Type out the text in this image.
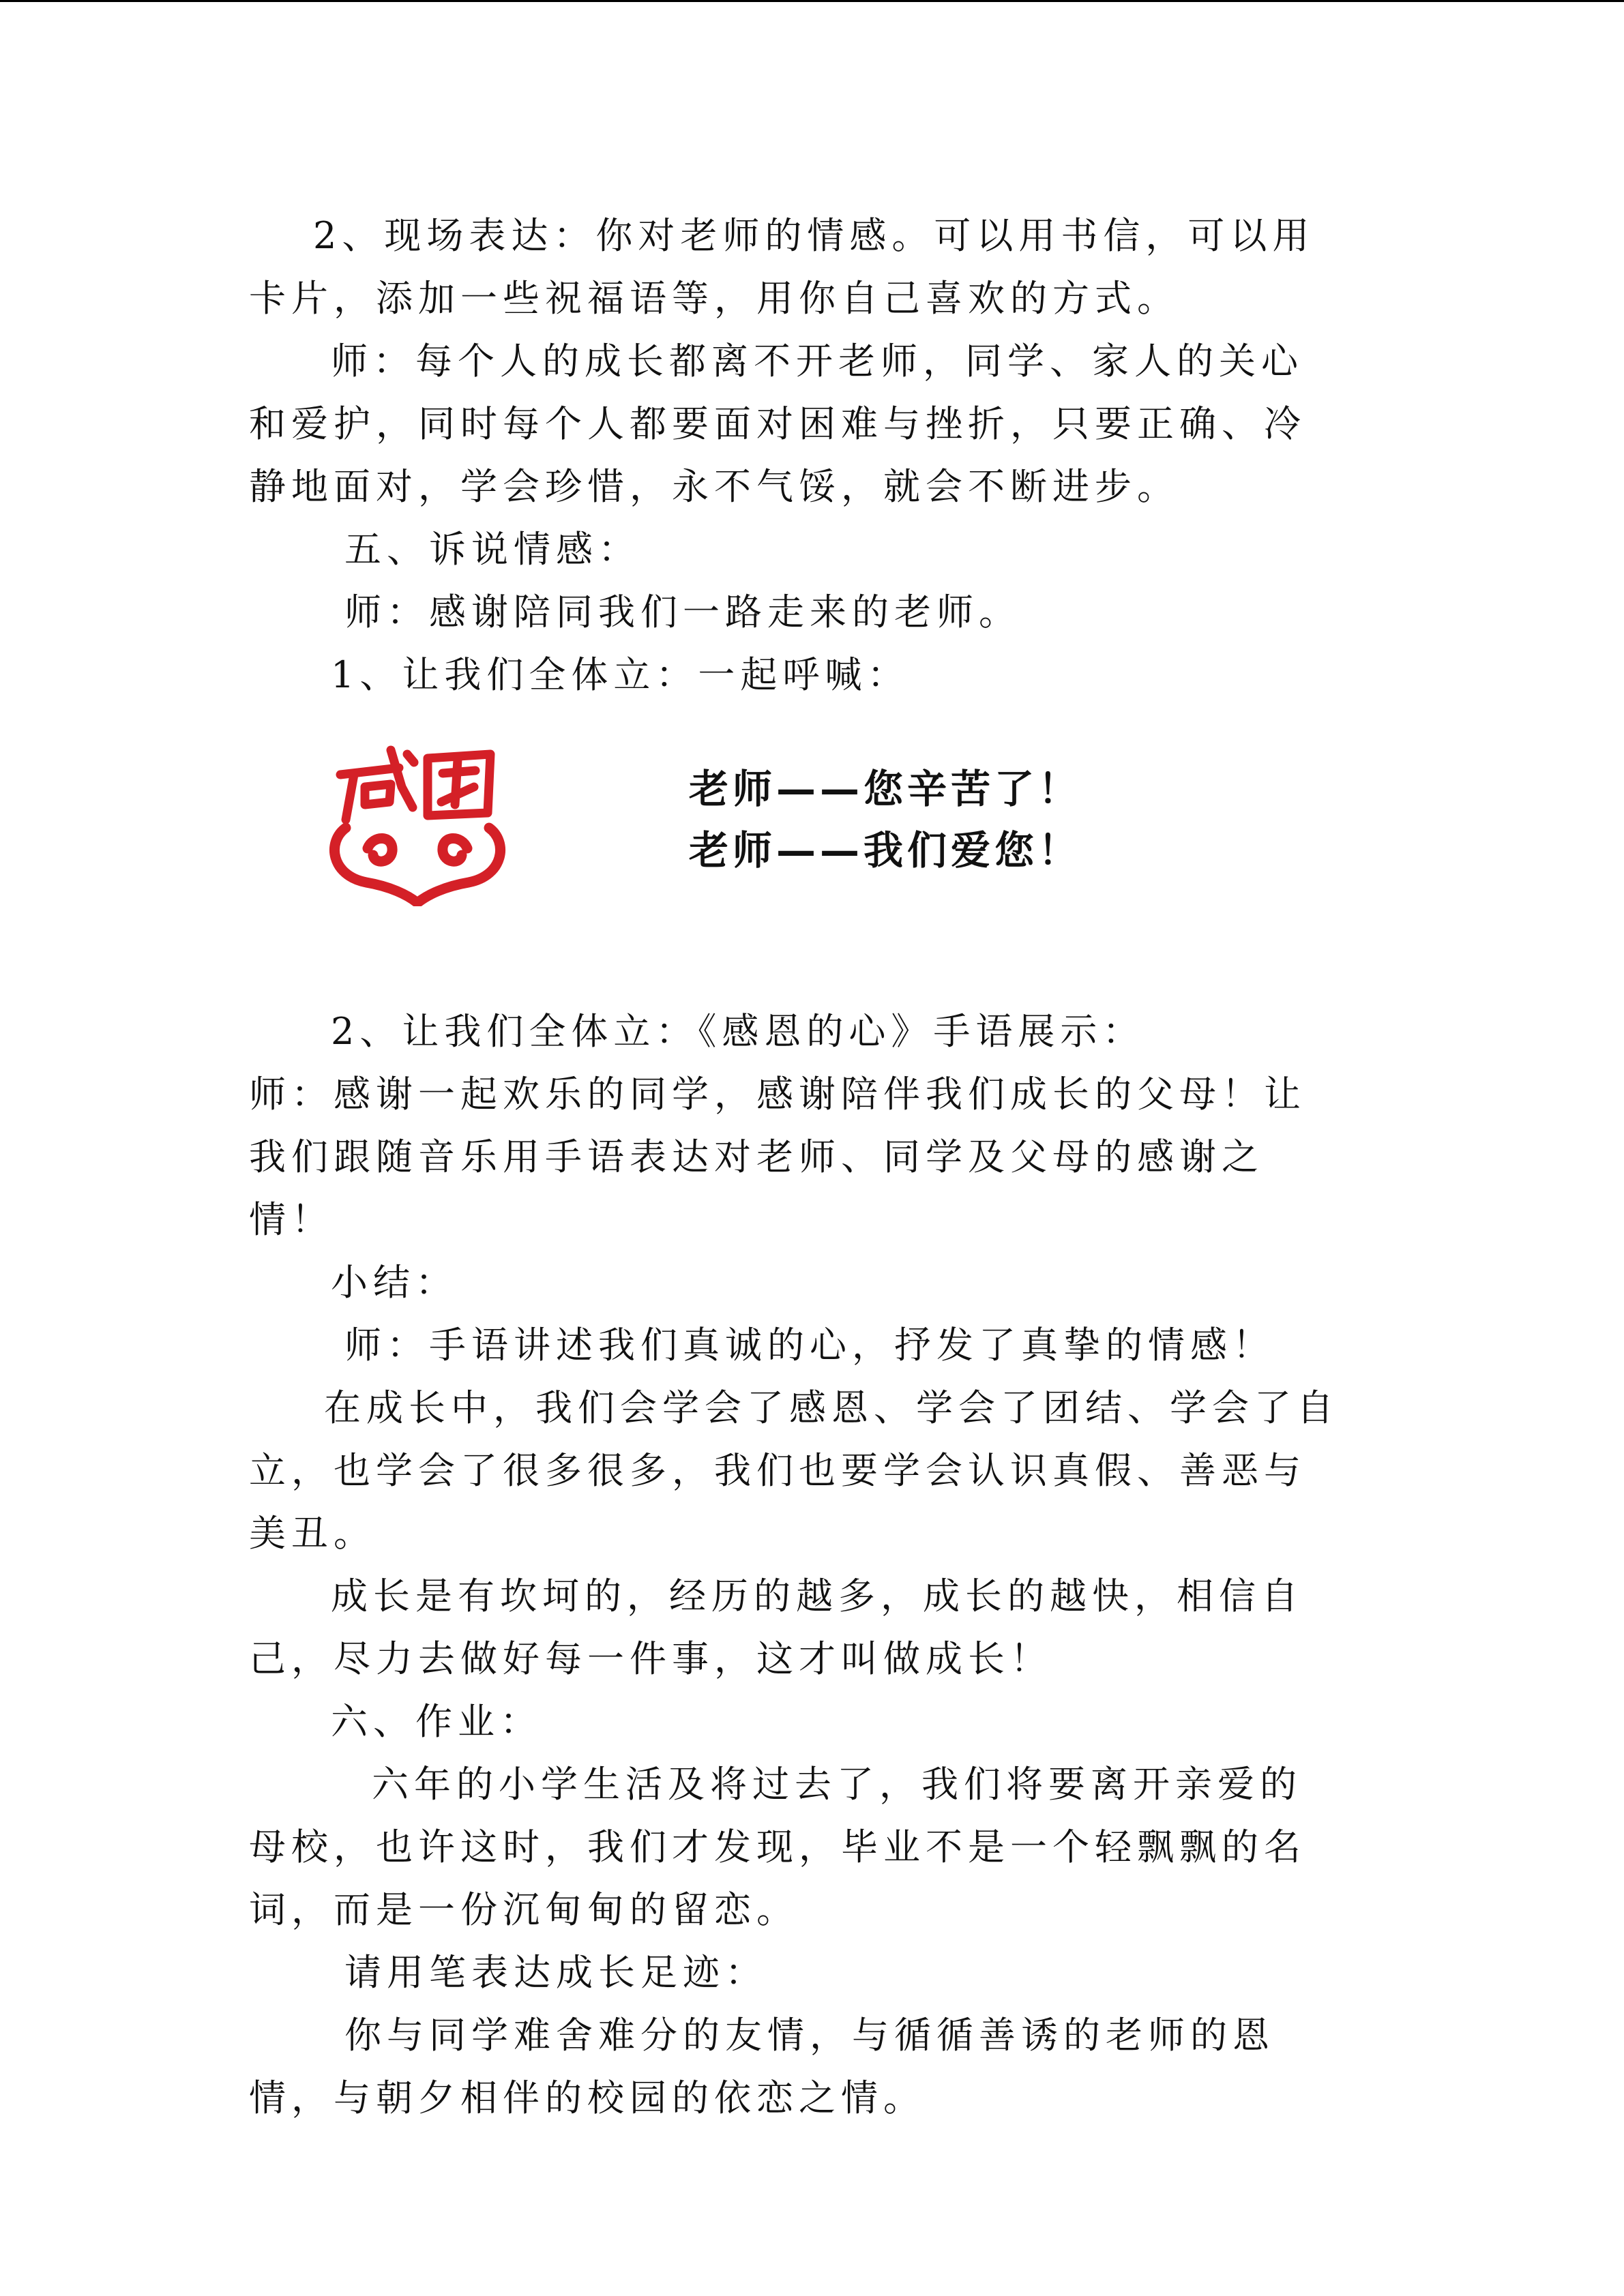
2、现场表达：你对老师的情感。可以用书信，可以用卡片，添加一些祝福语等，用你自己喜欢的方式。

师：每个人的成长都离不开老师，同学、家人的关心和爱护，同时每个人都要面对困难与挫折，只要正确、冷静地面对，学会珍惜，永不气馁，就会不断进步。

五、诉说情感：

师：感谢陪同我们一路走来的老师。

1、让我们全体立：一起呼喊：

老师——您辛苦了！

老师——我们爱您！

2、让我们全体立：《感恩的心》手语展示：

师：感谢一起欢乐的同学，感谢陪伴我们成长的父母！让我们跟随音乐用手语表达对老师、同学及父母的感谢之情！

小结：

师：手语讲述我们真诚的心，抒发了真挚的情感！

在成长中，我们会学会了感恩、学会了团结、学会了自立，也学会了很多很多，我们也要学会认识真假、善恶与美丑。

成长是有坎坷的，经历的越多，成长的越快，相信自己，尽力去做好每一件事，这才叫做成长！

六、作业：

六年的小学生活及将过去了，我们将要离开亲爱的母校，也许这时，我们才发现，毕业不是一个轻飘飘的名词，而是一份沉甸甸的留恋。

请用笔表达成长足迹：

你与同学难舍难分的友情，与循循善诱的老师的恩情，与朝夕相伴的校园的依恋之情。
